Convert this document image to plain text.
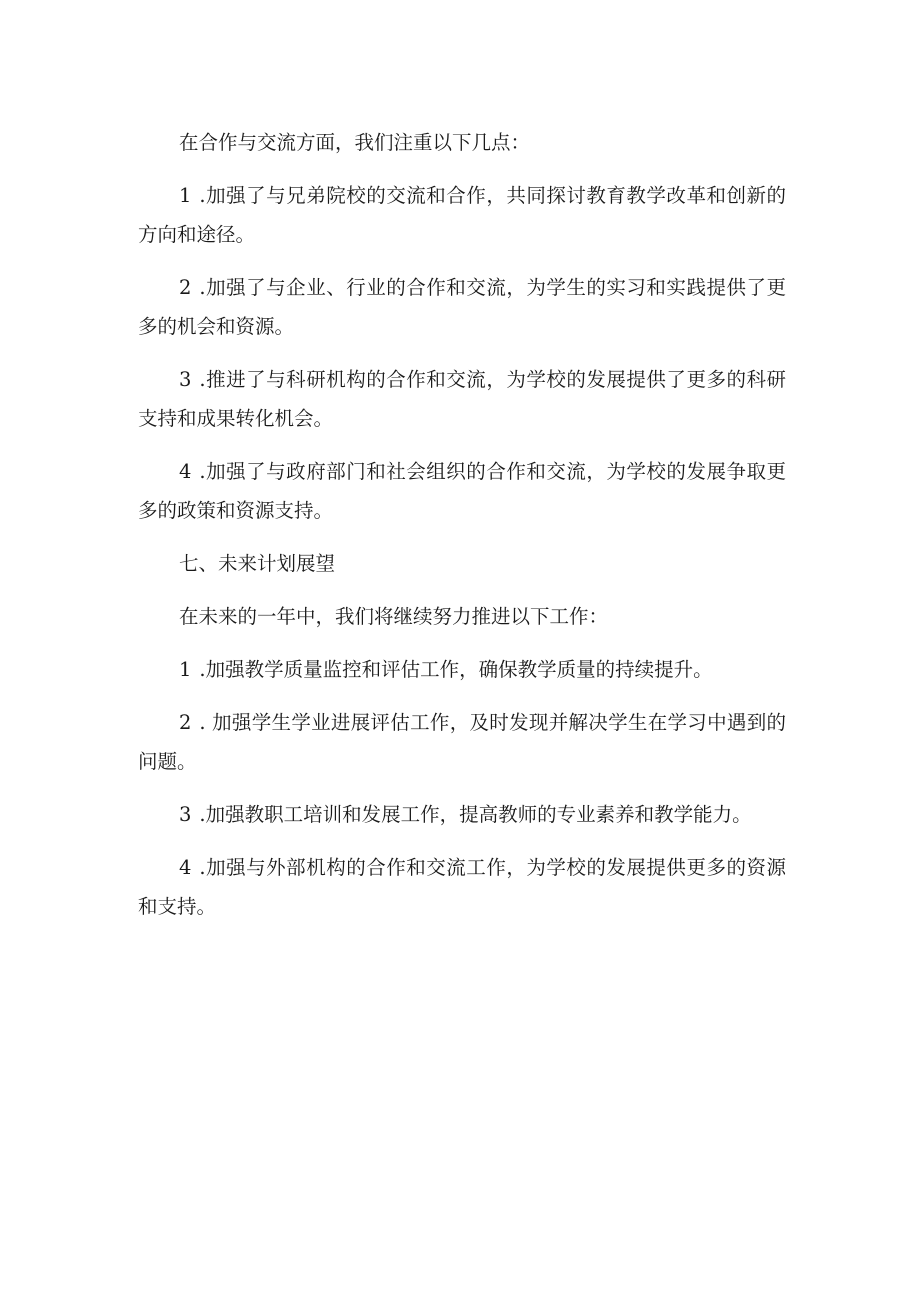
在合作与交流方面，我们注重以下几点：

1 .加强了与兄弟院校的交流和合作，共同探讨教育教学改革和创新的方向和途径。

2 .加强了与企业、行业的合作和交流，为学生的实习和实践提供了更多的机会和资源。

3 .推进了与科研机构的合作和交流，为学校的发展提供了更多的科研支持和成果转化机会。

4 .加强了与政府部门和社会组织的合作和交流，为学校的发展争取更多的政策和资源支持。

七、未来计划展望

在未来的一年中，我们将继续努力推进以下工作：

1 .加强教学质量监控和评估工作，确保教学质量的持续提升。

2 . 加强学生学业进展评估工作，及时发现并解决学生在学习中遇到的问题。

3 .加强教职工培训和发展工作，提高教师的专业素养和教学能力。

4 .加强与外部机构的合作和交流工作，为学校的发展提供更多的资源和支持。
